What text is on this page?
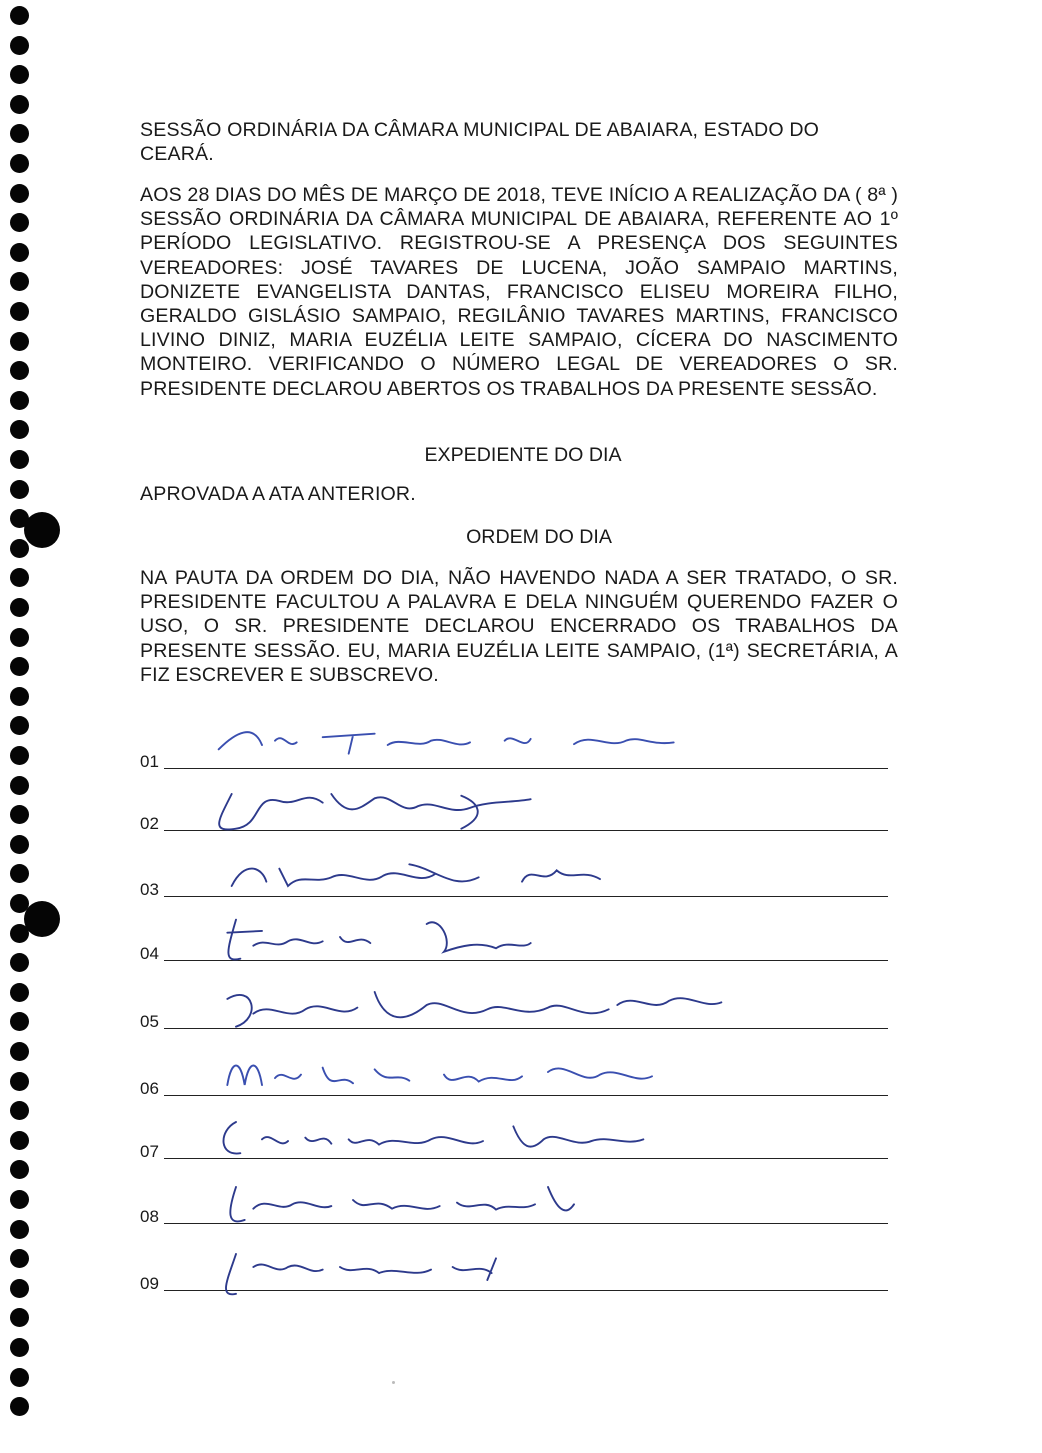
SESSÃO ORDINÁRIA DA CÂMARA MUNICIPAL DE ABAIARA, ESTADO DO CEARÁ.
AOS 28 DIAS DO MÊS DE MARÇO DE 2018, TEVE INÍCIO A REALIZAÇÃO DA ( 8ª ) SESSÃO ORDINÁRIA DA CÂMARA MUNICIPAL DE ABAIARA, REFERENTE AO 1º PERÍODO LEGISLATIVO. REGISTROU-SE A PRESENÇA DOS SEGUINTES VEREADORES: JOSÉ TAVARES DE LUCENA, JOÃO SAMPAIO MARTINS, DONIZETE EVANGELISTA DANTAS, FRANCISCO ELISEU MOREIRA FILHO, GERALDO GISLÁSIO SAMPAIO, REGILÂNIO TAVARES MARTINS, FRANCISCO LIVINO DINIZ, MARIA EUZÉLIA LEITE SAMPAIO, CÍCERA DO NASCIMENTO MONTEIRO. VERIFICANDO O NÚMERO LEGAL DE VEREADORES O SR. PRESIDENTE DECLAROU ABERTOS OS TRABALHOS DA PRESENTE SESSÃO.
EXPEDIENTE DO DIA
APROVADA A ATA ANTERIOR.
ORDEM DO DIA
NA PAUTA DA ORDEM DO DIA, NÃO HAVENDO NADA A SER TRATADO, O SR. PRESIDENTE FACULTOU A PALAVRA E DELA NINGUÉM QUERENDO FAZER O USO, O SR. PRESIDENTE DECLAROU ENCERRADO OS TRABALHOS DA PRESENTE SESSÃO. EU, MARIA EUZÉLIA LEITE SAMPAIO, (1ª) SECRETÁRIA, A FIZ ESCREVER E SUBSCREVO.
01
02
03
04
05
06
07
08
09
